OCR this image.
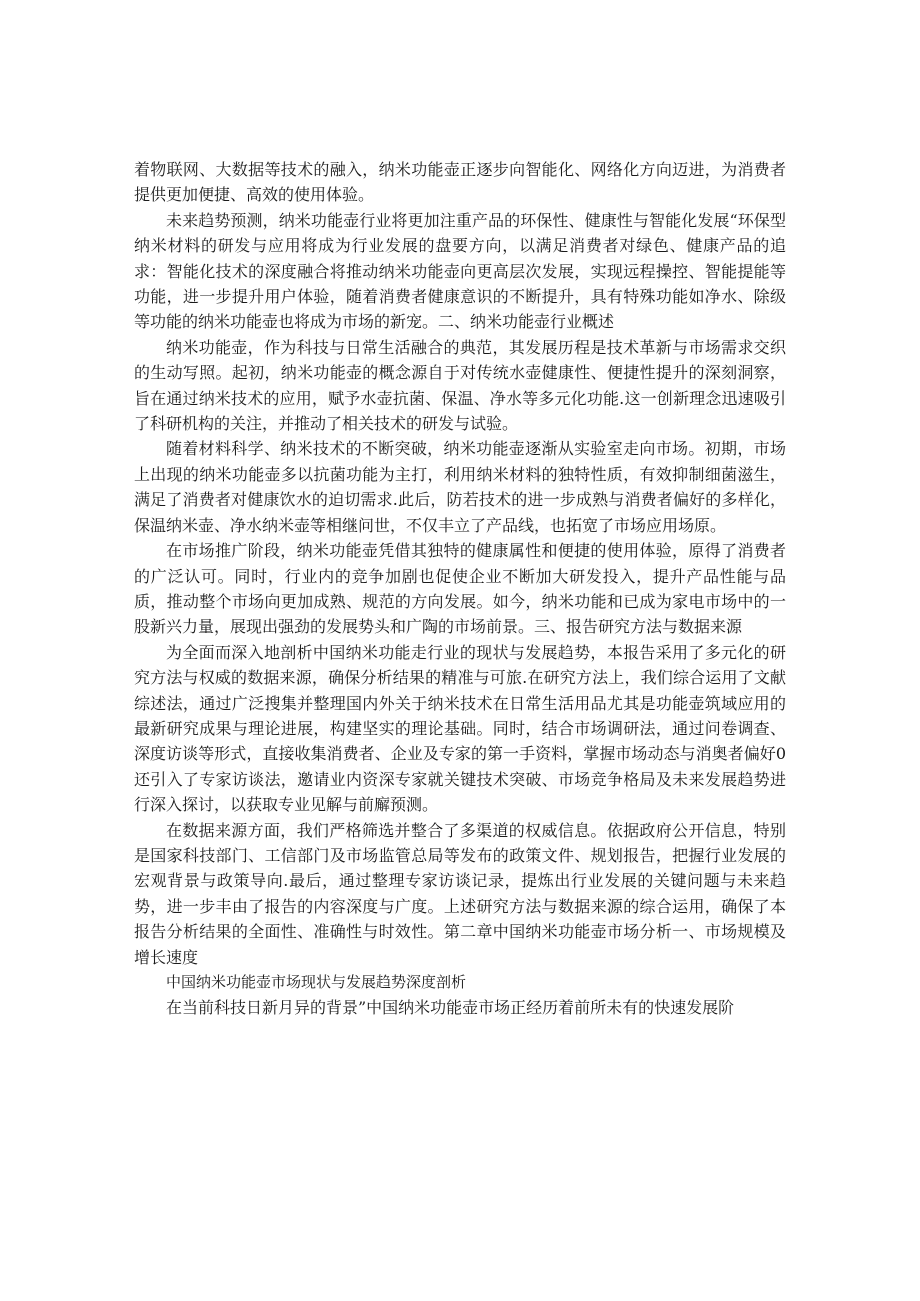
着物联网、大数据等技术的融入，纳米功能壶正逐步向智能化、网络化方向迈进，为消费者提供更加便捷、高效的使用体验。

未来趋势预测，纳米功能壶行业将更加注重产品的环保性、健康性与智能化发展“环保型纳米材料的研发与应用将成为行业发展的盘要方向，以满足消费者对绿色、健康产品的追求：智能化技术的深度融合将推动纳米功能壶向更高层次发展，实现远程操控、智能提能等功能，进一步提升用户体验，随着消费者健康意识的不断提升，具有特殊功能如净水、除级等功能的纳米功能壶也将成为市场的新宠。二、纳米功能壶行业概述

纳米功能壶，作为科技与日常生活融合的典范，其发展历程是技术革新与市场需求交织的生动写照。起初，纳米功能壶的概念源自于对传统水壶健康性、便捷性提升的深刻洞察，旨在通过纳米技术的应用，赋予水壶抗菌、保温、净水等多元化功能.这一创新理念迅速吸引了科研机构的关注，并推动了相关技术的研发与试验。

随着材料科学、纳米技术的不断突破，纳米功能壶逐渐从实验室走向市场。初期，市场上出现的纳米功能壶多以抗菌功能为主打，利用纳米材料的独特性质，有效抑制细菌滋生，满足了消费者对健康饮水的迫切需求.此后，防若技术的进一步成熟与消费者偏好的多样化，保温纳米壶、净水纳米壶等相继问世，不仅丰立了产品线，也拓宽了市场应用场原。

在市场推广阶段，纳米功能壶凭借其独特的健康属性和便捷的使用体验，原得了消费者的广泛认可。同时，行业内的竞争加剧也促使企业不断加大研发投入，提升产品性能与品质，推动整个市场向更加成熟、规范的方向发展。如今，纳米功能和已成为家电市场中的一股新兴力量，展现出强劲的发展势头和广陶的市场前景。三、报告研究方法与数据来源

为全面而深入地剖析中国纳米功能走行业的现状与发展趋势，本报告采用了多元化的研究方法与权威的数据来源，确保分析结果的精准与可旅.在研究方法上，我们综合运用了文献综述法，通过广泛搜集并整理国内外关于纳米技术在日常生活用品尤其是功能壶筑域应用的最新研究成果与理论进展，构建坚实的理论基础。同时，结合市场调研法，通过问卷调查、深度访谈等形式，直接收集消费者、企业及专家的第一手资料，掌握市场动态与消奥者偏好0还引入了专家访谈法，邀请业内资深专家就关键技术突破、市场竞争格局及未来发展趋势进行深入探讨，以获取专业见解与前廨预测。

在数据来源方面，我们严格筛选并整合了多渠道的权威信息。依据政府公开信息，特别是国家科技部门、工信部门及市场监管总局等发布的政策文件、规划报告，把握行业发展的宏观背景与政策导向.最后，通过整理专家访谈记录，提炼出行业发展的关键问题与未来趋势，进一步丰由了报告的内容深度与广度。上述研究方法与数据来源的综合运用，确保了本报告分析结果的全面性、准确性与时效性。第二章中国纳米功能壶市场分析一、市场规模及增长速度

中国纳米功能壶市场现状与发展趋势深度剖析

在当前科技日新月异的背景”中国纳米功能壶市场正经历着前所未有的快速发展阶
